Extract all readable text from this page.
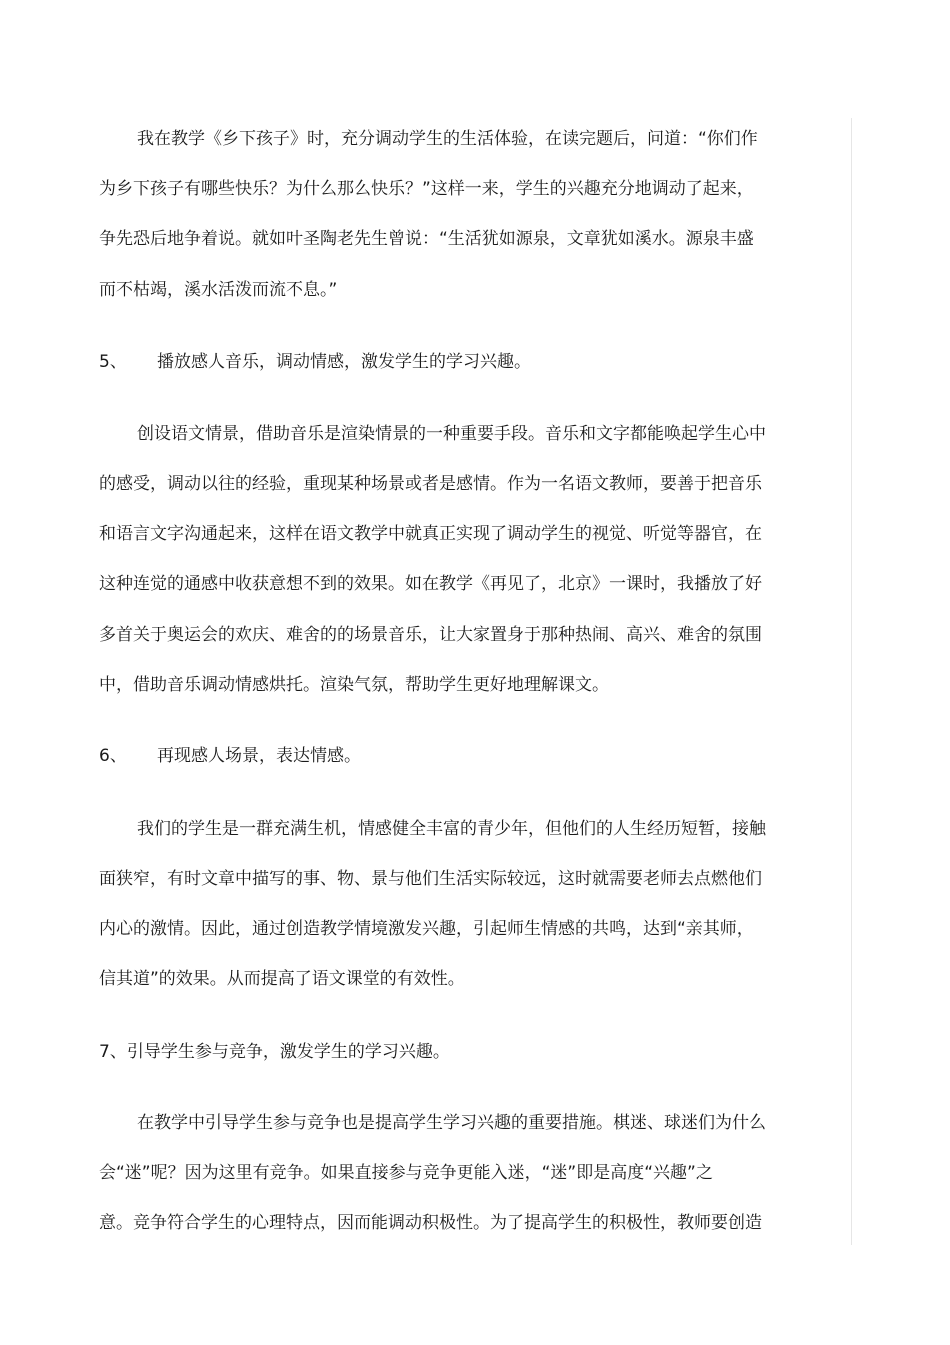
我在教学《乡下孩子》时，充分调动学生的生活体验，在读完题后，问道：“你们作
为乡下孩子有哪些快乐？为什么那么快乐？”这样一来，学生的兴趣充分地调动了起来，
争先恐后地争着说。就如叶圣陶老先生曾说：“生活犹如源泉，文章犹如溪水。源泉丰盛
而不枯竭，溪水活泼而流不息。”
5、 播放感人音乐，调动情感，激发学生的学习兴趣。
创设语文情景，借助音乐是渲染情景的一种重要手段。音乐和文字都能唤起学生心中
的感受，调动以往的经验，重现某种场景或者是感情。作为一名语文教师，要善于把音乐
和语言文字沟通起来，这样在语文教学中就真正实现了调动学生的视觉、听觉等器官，在
这种连觉的通感中收获意想不到的效果。如在教学《再见了，北京》一课时，我播放了好
多首关于奥运会的欢庆、难舍的的场景音乐，让大家置身于那种热闹、高兴、难舍的氛围
中，借助音乐调动情感烘托。渲染气氛，帮助学生更好地理解课文。
6、 再现感人场景，表达情感。
我们的学生是一群充满生机，情感健全丰富的青少年，但他们的人生经历短暂，接触
面狭窄，有时文章中描写的事、物、景与他们生活实际较远，这时就需要老师去点燃他们
内心的激情。因此，通过创造教学情境激发兴趣，引起师生情感的共鸣，达到“亲其师，
信其道”的效果。从而提高了语文课堂的有效性。
7、引导学生参与竞争，激发学生的学习兴趣。
在教学中引导学生参与竞争也是提高学生学习兴趣的重要措施。棋迷、球迷们为什么
会“迷”呢？因为这里有竞争。如果直接参与竞争更能入迷，“迷”即是高度“兴趣”之
意。竞争符合学生的心理特点，因而能调动积极性。为了提高学生的积极性，教师要创造
